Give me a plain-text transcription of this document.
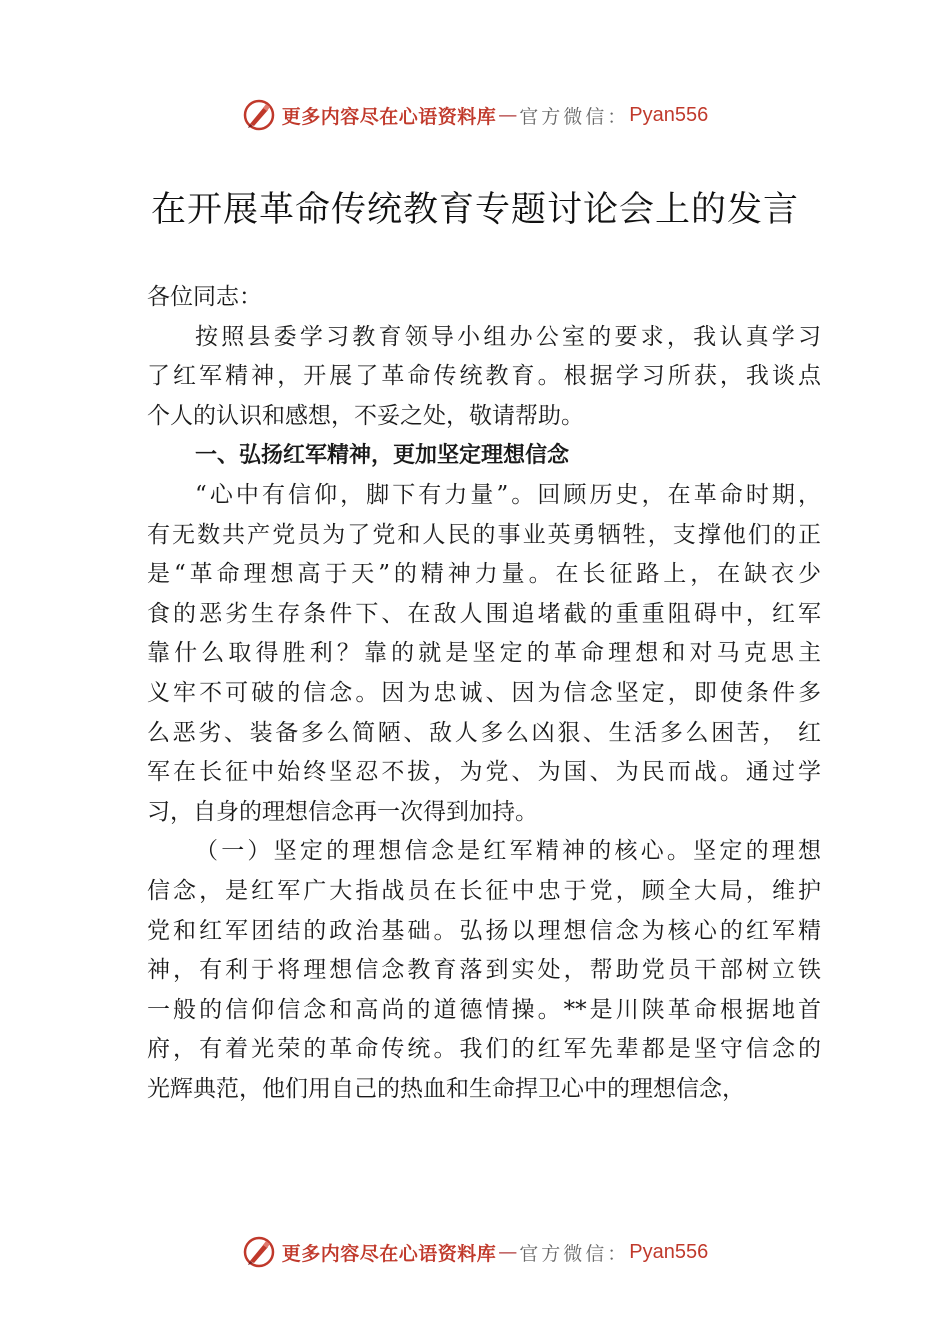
更多内容尽在心语资料库 — 官方微信： Pyan556
在开展革命传统教育专题讨论会上的发言
各位同志：
按照县委学习教育领导小组办公室的要求，我认真学习
了红军精神，开展了革命传统教育。根据学习所获，我谈点
个人的认识和感想，不妥之处，敬请帮助。
一、弘扬红军精神，更加坚定理想信念
“心中有信仰，脚下有力量”。回顾历史，在革命时期，
有无数共产党员为了党和人民的事业英勇牺牲，支撑他们的正
是“革命理想高于天”的精神力量。在长征路上，在缺衣少
食的恶劣生存条件下、在敌人围追堵截的重重阻碍中，红军
靠什么取得胜利？靠的就是坚定的革命理想和对马克思主
义牢不可破的信念。因为忠诚、因为信念坚定，即使条件多
么恶劣、装备多么简陋、敌人多么凶狠、生活多么困苦， 红
军在长征中始终坚忍不拔，为党、为国、为民而战。通过学
习，自身的理想信念再一次得到加持。
（一）坚定的理想信念是红军精神的核心。坚定的理想
信念，是红军广大指战员在长征中忠于党，顾全大局，维护
党和红军团结的政治基础。弘扬以理想信念为核心的红军精
神，有利于将理想信念教育落到实处，帮助党员干部树立铁
一般的信仰信念和高尚的道德情操。**是川陕革命根据地首
府，有着光荣的革命传统。我们的红军先辈都是坚守信念的
光辉典范，他们用自己的热血和生命捍卫心中的理想信念，
更多内容尽在心语资料库 — 官方微信： Pyan556
